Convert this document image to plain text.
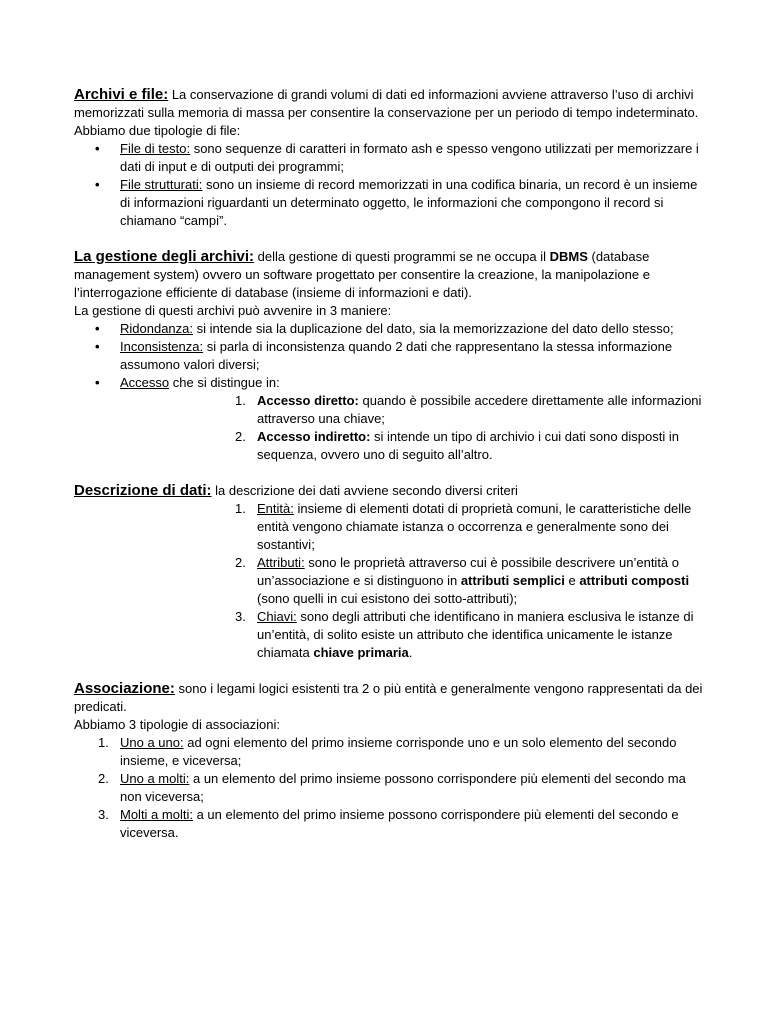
Archivi e file: La conservazione di grandi volumi di dati ed informazioni avviene attraverso l’uso di archivi memorizzati sulla memoria di massa per consentire la conservazione per un periodo di tempo indeterminato.
Abbiamo due tipologie di file:
• File di testo: sono sequenze di caratteri in formato ash e spesso vengono utilizzati per memorizzare i dati di input e di outputi dei programmi;
• File strutturati: sono un insieme di record memorizzati in una codifica binaria, un record è un insieme di informazioni riguardanti un determinato oggetto, le informazioni che compongono il record si chiamano “campi”.
La gestione degli archivi: della gestione di questi programmi se ne occupa il DBMS (database management system) ovvero un software progettato per consentire la creazione, la manipolazione e l’interrogazione efficiente di database (insieme di informazioni e dati).
La gestione di questi archivi può avvenire in 3 maniere:
• Ridondanza: si intende sia la duplicazione del dato, sia la memorizzazione del dato dello stesso;
• Inconsistenza: si parla di inconsistenza quando 2 dati che rappresentano la stessa informazione assumono valori diversi;
• Accesso che si distingue in:
1. Accesso diretto: quando è possibile accedere direttamente alle informazioni attraverso una chiave;
2. Accesso indiretto: si intende un tipo di archivio i cui dati sono disposti in sequenza, ovvero uno di seguito all’altro.
Descrizione di dati: la descrizione dei dati avviene secondo diversi criteri
1. Entità: insieme di elementi dotati di proprietà comuni, le caratteristiche delle entità vengono chiamate istanza o occorrenza e generalmente sono dei sostantivi;
2. Attributi: sono le proprietà attraverso cui è possibile descrivere un’entità o un’associazione e si distinguono in attributi semplici e attributi composti (sono quelli in cui esistono dei sotto-attributi);
3. Chiavi: sono degli attributi che identificano in maniera esclusiva le istanze di un’entità, di solito esiste un attributo che identifica unicamente le istanze chiamata chiave primaria.
Associazione: sono i legami logici esistenti tra 2 o più entità e generalmente vengono rappresentati da dei predicati.
Abbiamo 3 tipologie di associazioni:
1. Uno a uno: ad ogni elemento del primo insieme corrisponde uno e un solo elemento del secondo insieme, e viceversa;
2. Uno a molti: a un elemento del primo insieme possono corrispondere più elementi del secondo ma non viceversa;
3. Molti a molti: a un elemento del primo insieme possono corrispondere più elementi del secondo e viceversa.
